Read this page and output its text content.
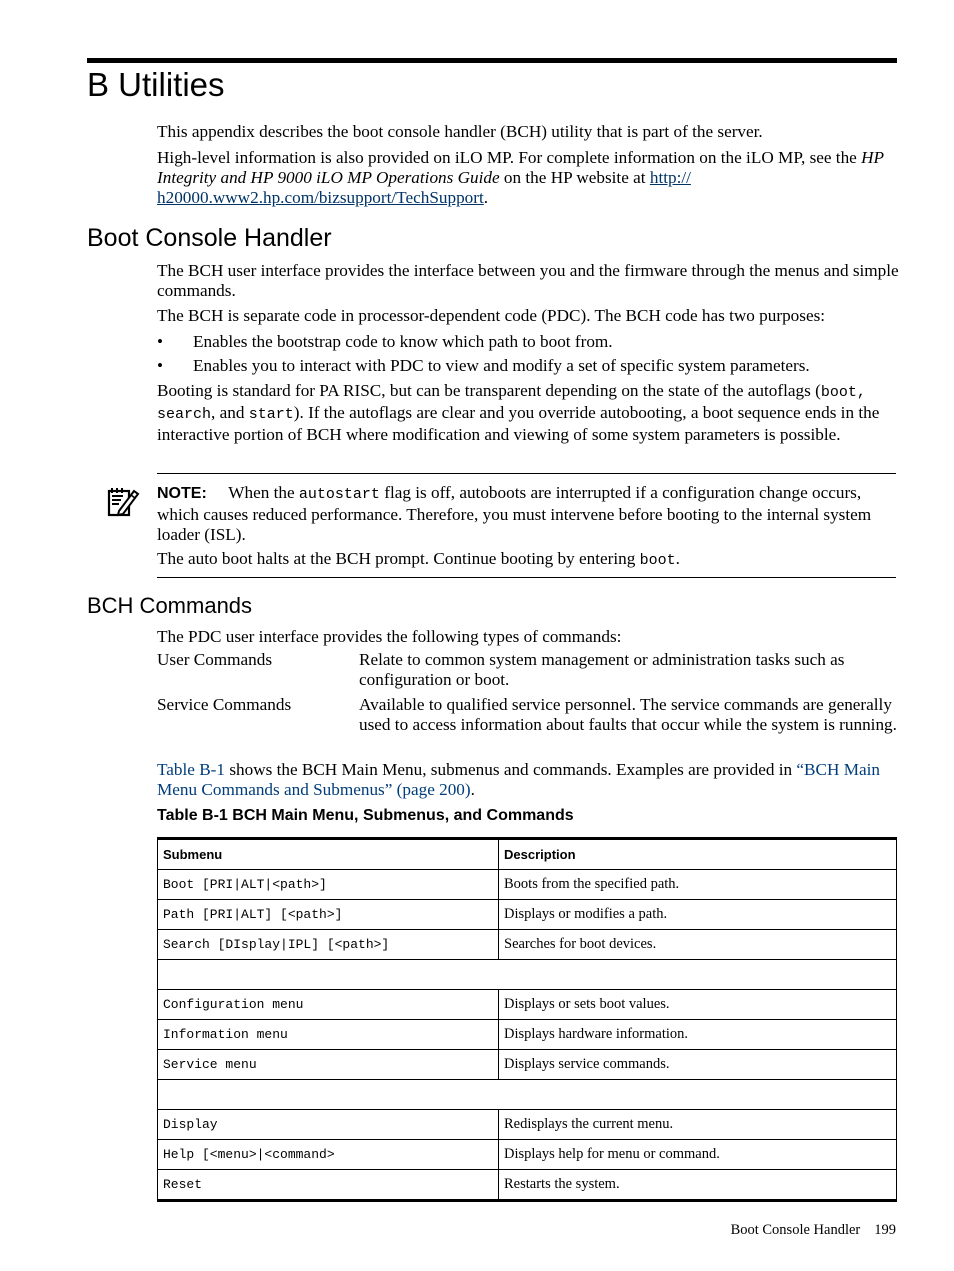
B Utilities

This appendix describes the boot console handler (BCH) utility that is part of the server.

High-level information is also provided on iLO MP. For complete information on the iLO MP, see the HP Integrity and HP 9000 iLO MP Operations Guide on the HP website at http://
h20000.www2.hp.com/bizsupport/TechSupport.

Boot Console Handler

The BCH user interface provides the interface between you and the firmware through the menus and simple commands.

The BCH is separate code in processor-dependent code (PDC). The BCH code has two purposes:

• Enables the bootstrap code to know which path to boot from.
• Enables you to interact with PDC to view and modify a set of specific system parameters.

Booting is standard for PA RISC, but can be transparent depending on the state of the autoflags (boot, search, and start). If the autoflags are clear and you override autobooting, a boot sequence ends in the interactive portion of BCH where modification and viewing of some system parameters is possible.

NOTE: When the autostart flag is off, autoboots are interrupted if a configuration change occurs, which causes reduced performance. Therefore, you must intervene before booting to the internal system loader (ISL).

The auto boot halts at the BCH prompt. Continue booting by entering boot.

BCH Commands

The PDC user interface provides the following types of commands:

User Commands	Relate to common system management or administration tasks such as configuration or boot.
Service Commands	Available to qualified service personnel. The service commands are generally used to access information about faults that occur while the system is running.

Table B-1 shows the BCH Main Menu, submenus and commands. Examples are provided in “BCH Main Menu Commands and Submenus” (page 200).

Table B-1 BCH Main Menu, Submenus, and Commands
Submenu	Description
Boot [PRI|ALT|<path>]	Boots from the specified path.
Path [PRI|ALT] [<path>]	Displays or modifies a path.
Search [DIsplay|IPL] [<path>]	Searches for boot devices.

Configuration menu	Displays or sets boot values.
Information menu	Displays hardware information.
Service menu	Displays service commands.

Display	Redisplays the current menu.
Help [<menu>|<command>	Displays help for menu or command.
Reset	Restarts the system.
Boot Console Handler 199
